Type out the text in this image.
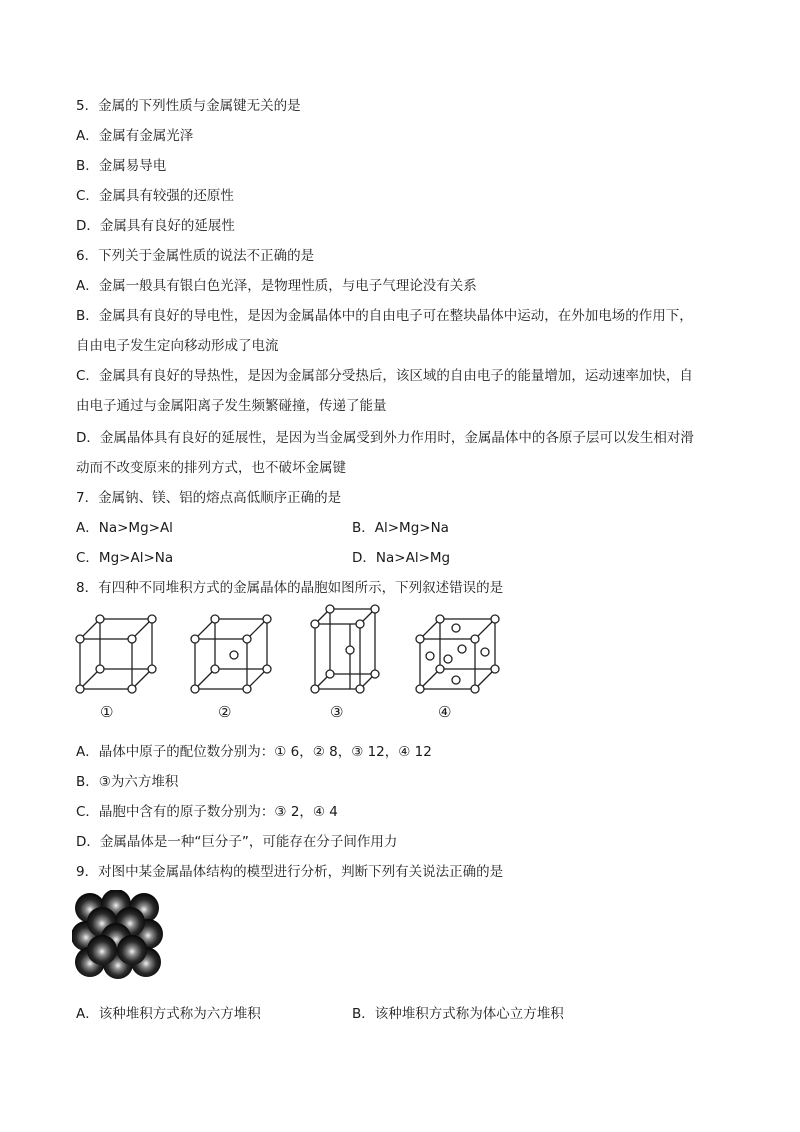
5．金属的下列性质与金属键无关的是
A．金属有金属光泽
B．金属易导电
C．金属具有较强的还原性
D．金属具有良好的延展性
6．下列关于金属性质的说法不正确的是
A．金属一般具有银白色光泽，是物理性质，与电子气理论没有关系
B．金属具有良好的导电性，是因为金属晶体中的自由电子可在整块晶体中运动，在外加电场的作用下，
自由电子发生定向移动形成了电流
C．金属具有良好的导热性，是因为金属部分受热后，该区域的自由电子的能量增加，运动速率加快，自
由电子通过与金属阳离子发生频繁碰撞，传递了能量
D．金属晶体具有良好的延展性，是因为当金属受到外力作用时，金属晶体中的各原子层可以发生相对滑
动而不改变原来的排列方式，也不破坏金属键
7．金属钠、镁、铝的熔点高低顺序正确的是
A．Na>Mg>Al	B．Al>Mg>Na
C．Mg>Al>Na	D．Na>Al>Mg
8．有四种不同堆积方式的金属晶体的晶胞如图所示，下列叙述错误的是
①	②	③	④
A．晶体中原子的配位数分别为：① 6，② 8，③ 12，④ 12
B．③为六方堆积
C．晶胞中含有的原子数分别为：③ 2，④ 4
D．金属晶体是一种“巨分子”，可能存在分子间作用力
9．对图中某金属晶体结构的模型进行分析，判断下列有关说法正确的是
A．该种堆积方式称为六方堆积	B．该种堆积方式称为体心立方堆积
